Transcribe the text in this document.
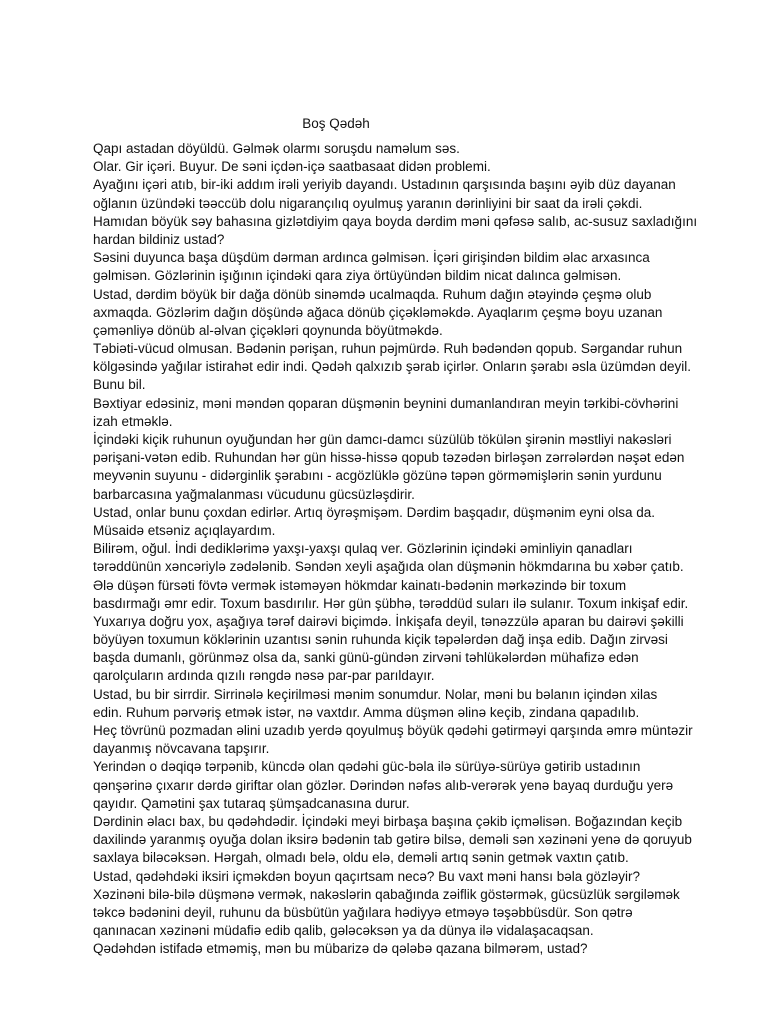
Boş Qədəh
Qapı astadan döyüldü. Gəlmək olarmı soruşdu naməlum səs.
Olar. Gir içəri. Buyur. De səni içdən-içə saatbasaat didən problemi.
Ayağını içəri atıb, bir-iki addım irəli yeriyib dayandı. Ustadının qarşısında başını əyib düz dayanan
oğlanın üzündəki təəccüb dolu nigarançılıq oyulmuş yaranın dərinliyini bir saat da irəli çəkdi.
Hamıdan böyük səy bahasına gizlətdiyim qaya boyda dərdim məni qəfəsə salıb, ac-susuz saxladığını
hardan bildiniz ustad?
Səsini duyunca başa düşdüm dərman ardınca gəlmisən. İçəri girişindən bildim əlac arxasınca
gəlmisən. Gözlərinin işığının içindəki qara ziya örtüyündən bildim nicat dalınca gəlmisən.
Ustad, dərdim böyük bir dağa dönüb sinəmdə ucalmaqda. Ruhum dağın ətəyində çeşmə olub
axmaqda. Gözlərim dağın döşündə ağaca dönüb çiçəkləməkdə. Ayaqlarım çeşmə boyu uzanan
çəmənliyə dönüb al-əlvan çiçəkləri qoynunda böyütməkdə.
Təbiəti-vücud olmusan. Bədənin pərişan, ruhun pəjmürdə. Ruh bədəndən qopub. Sərgandar ruhun
kölgəsində yağılar istirahət edir indi. Qədəh qalxızıb şərab içirlər. Onların şərabı əsla üzümdən deyil.
Bunu bil.
Bəxtiyar edəsiniz, məni məndən qoparan düşmənin beynini dumanlandıran meyin tərkibi-cövhərini
izah etməklə.
İçindəki kiçik ruhunun oyuğundan hər gün damcı-damcı süzülüb tökülən şirənin məstliyi nakəsləri
pərişani-vətən edib. Ruhundan hər gün hissə-hissə qopub təzədən birləşən zərrələrdən nəşət edən
meyvənin suyunu - didərginlik şərabını - acgözlüklə gözünə təpən görməmişlərin sənin yurdunu
barbarcasına yağmalanması vücudunu gücsüzləşdirir.
Ustad, onlar bunu çoxdan edirlər. Artıq öyrəşmişəm. Dərdim başqadır, düşmənim eyni olsa da.
Müsaidə etsəniz açıqlayardım.
Bilirəm, oğul. İndi dediklərimə yaxşı-yaxşı qulaq ver. Gözlərinin içindəki əminliyin qanadları
tərəddünün xəncəriylə zədələnib. Səndən xeyli aşağıda olan düşmənin hökmdarına bu xəbər çatıb.
Ələ düşən fürsəti fövtə vermək istəməyən hökmdar kainatı-bədənin mərkəzində bir toxum
basdırmağı əmr edir. Toxum basdırılır. Hər gün şübhə, tərəddüd suları ilə sulanır. Toxum inkişaf edir.
Yuxarıya doğru yox, aşağıya tərəf dairəvi biçimdə. İnkişafa deyil, tənəzzülə aparan bu dairəvi şəkilli
böyüyən toxumun köklərinin uzantısı sənin ruhunda kiçik təpələrdən dağ inşa edib. Dağın zirvəsi
başda dumanlı, görünməz olsa da, sanki günü-gündən zirvəni təhlükələrdən mühafizə edən
qarolçuların ardında qızılı rəngdə nəsə par-par parıldayır.
Ustad, bu bir sirrdir. Sirrinələ keçirilməsi mənim sonumdur. Nolar, məni bu bəlanın içindən xilas
edin. Ruhum pərvəriş etmək istər, nə vaxtdır. Amma düşmən əlinə keçib, zindana qapadılıb.
Heç tövrünü pozmadan əlini uzadıb yerdə qoyulmuş böyük qədəhi gətirməyi qarşında əmrə müntəzir
dayanmış növcavana tapşırır.
Yerindən o dəqiqə tərpənib, küncdə olan qədəhi güc-bəla ilə sürüyə-sürüyə gətirib ustadının
qənşərinə çıxarır dərdə giriftar olan gözlər. Dərindən nəfəs alıb-verərək yenə bayaq durduğu yerə
qayıdır. Qamətini şax tutaraq şümşadcanasına durur.
Dərdinin əlacı bax, bu qədəhdədir. İçindəki meyi birbaşa başına çəkib içməlisən. Boğazından keçib
daxilində yaranmış oyuğa dolan iksirə bədənin tab gətirə bilsə, deməli sən xəzinəni yenə də qoruyub
saxlaya biləcəksən. Hərgah, olmadı belə, oldu elə, deməli artıq sənin getmək vaxtın çatıb.
Ustad, qədəhdəki iksiri içməkdən boyun qaçırtsam necə? Bu vaxt məni hansı bəla gözləyir?
Xəzinəni bilə-bilə düşmənə vermək, nakəslərin qabağında zəiflik göstərmək, gücsüzlük sərgiləmək
təkcə bədənini deyil, ruhunu da büsbütün yağılara hədiyyə etməyə təşəbbüsdür. Son qətrə
qanınacan xəzinəni müdafiə edib qalib, gələcəksən ya da dünya ilə vidalaşacaqsan.
Qədəhdən istifadə etməmiş, mən bu mübarizə də qələbə qazana bilmərəm, ustad?
